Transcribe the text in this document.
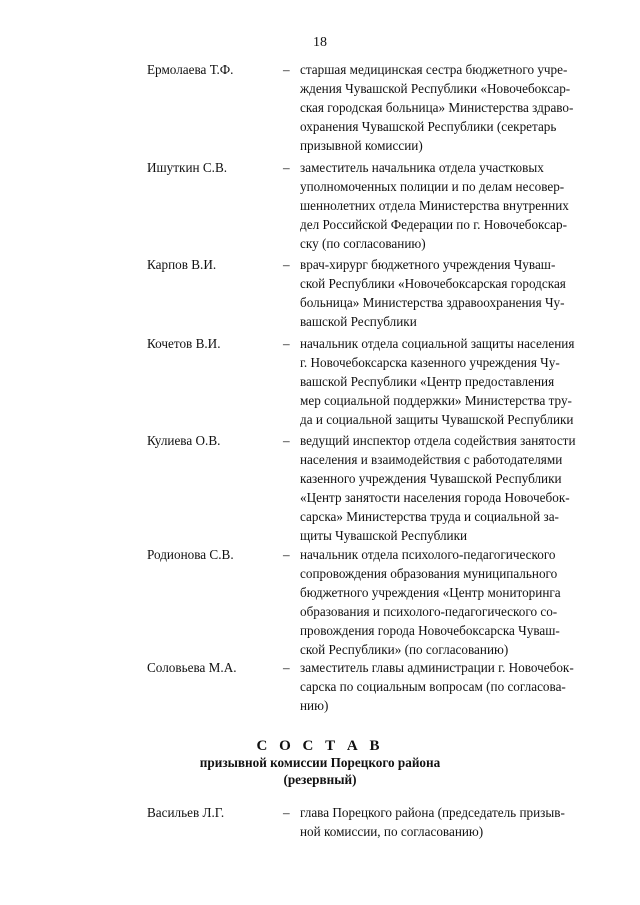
18
Ермолаева Т.Ф.	– старшая медицинская сестра бюджетного учре-
ждения Чувашской Республики «Новочебоксар-
ская городская больница» Министерства здраво-
охранения Чувашской Республики (секретарь
призывной комиссии)
Ишуткин С.В.	– заместитель начальника отдела участковых
уполномоченных полиции и по делам несовер-
шеннолетних отдела Министерства внутренних
дел Российской Федерации по г. Новочебоксар-
ску (по согласованию)
Карпов В.И.	– врач-хирург бюджетного учреждения Чуваш-
ской Республики «Новочебоксарская городская
больница» Министерства здравоохранения Чу-
вашской Республики
Кочетов В.И.	– начальник отдела социальной защиты населения
г. Новочебоксарска казенного учреждения Чу-
вашской Республики «Центр предоставления
мер социальной поддержки» Министерства тру-
да и социальной защиты Чувашской Республики
Кулиева О.В.	– ведущий инспектор отдела содействия занятости
населения и взаимодействия с работодателями
казенного учреждения Чувашской Республики
«Центр занятости населения города Новочебок-
сарска» Министерства труда и социальной за-
щиты Чувашской Республики
Родионова С.В.	– начальник отдела психолого-педагогического
сопровождения образования муниципального
бюджетного учреждения «Центр мониторинга
образования и психолого-педагогического со-
провождения города Новочебоксарска Чуваш-
ской Республики» (по согласованию)
Соловьева М.А.	– заместитель главы администрации г. Новочебок-
сарска по социальным вопросам (по согласова-
нию)
С О С Т А В
призывной комиссии Порецкого района
(резервный)
Васильев Л.Г.	– глава Порецкого района (председатель призыв-
ной комиссии, по согласованию)
